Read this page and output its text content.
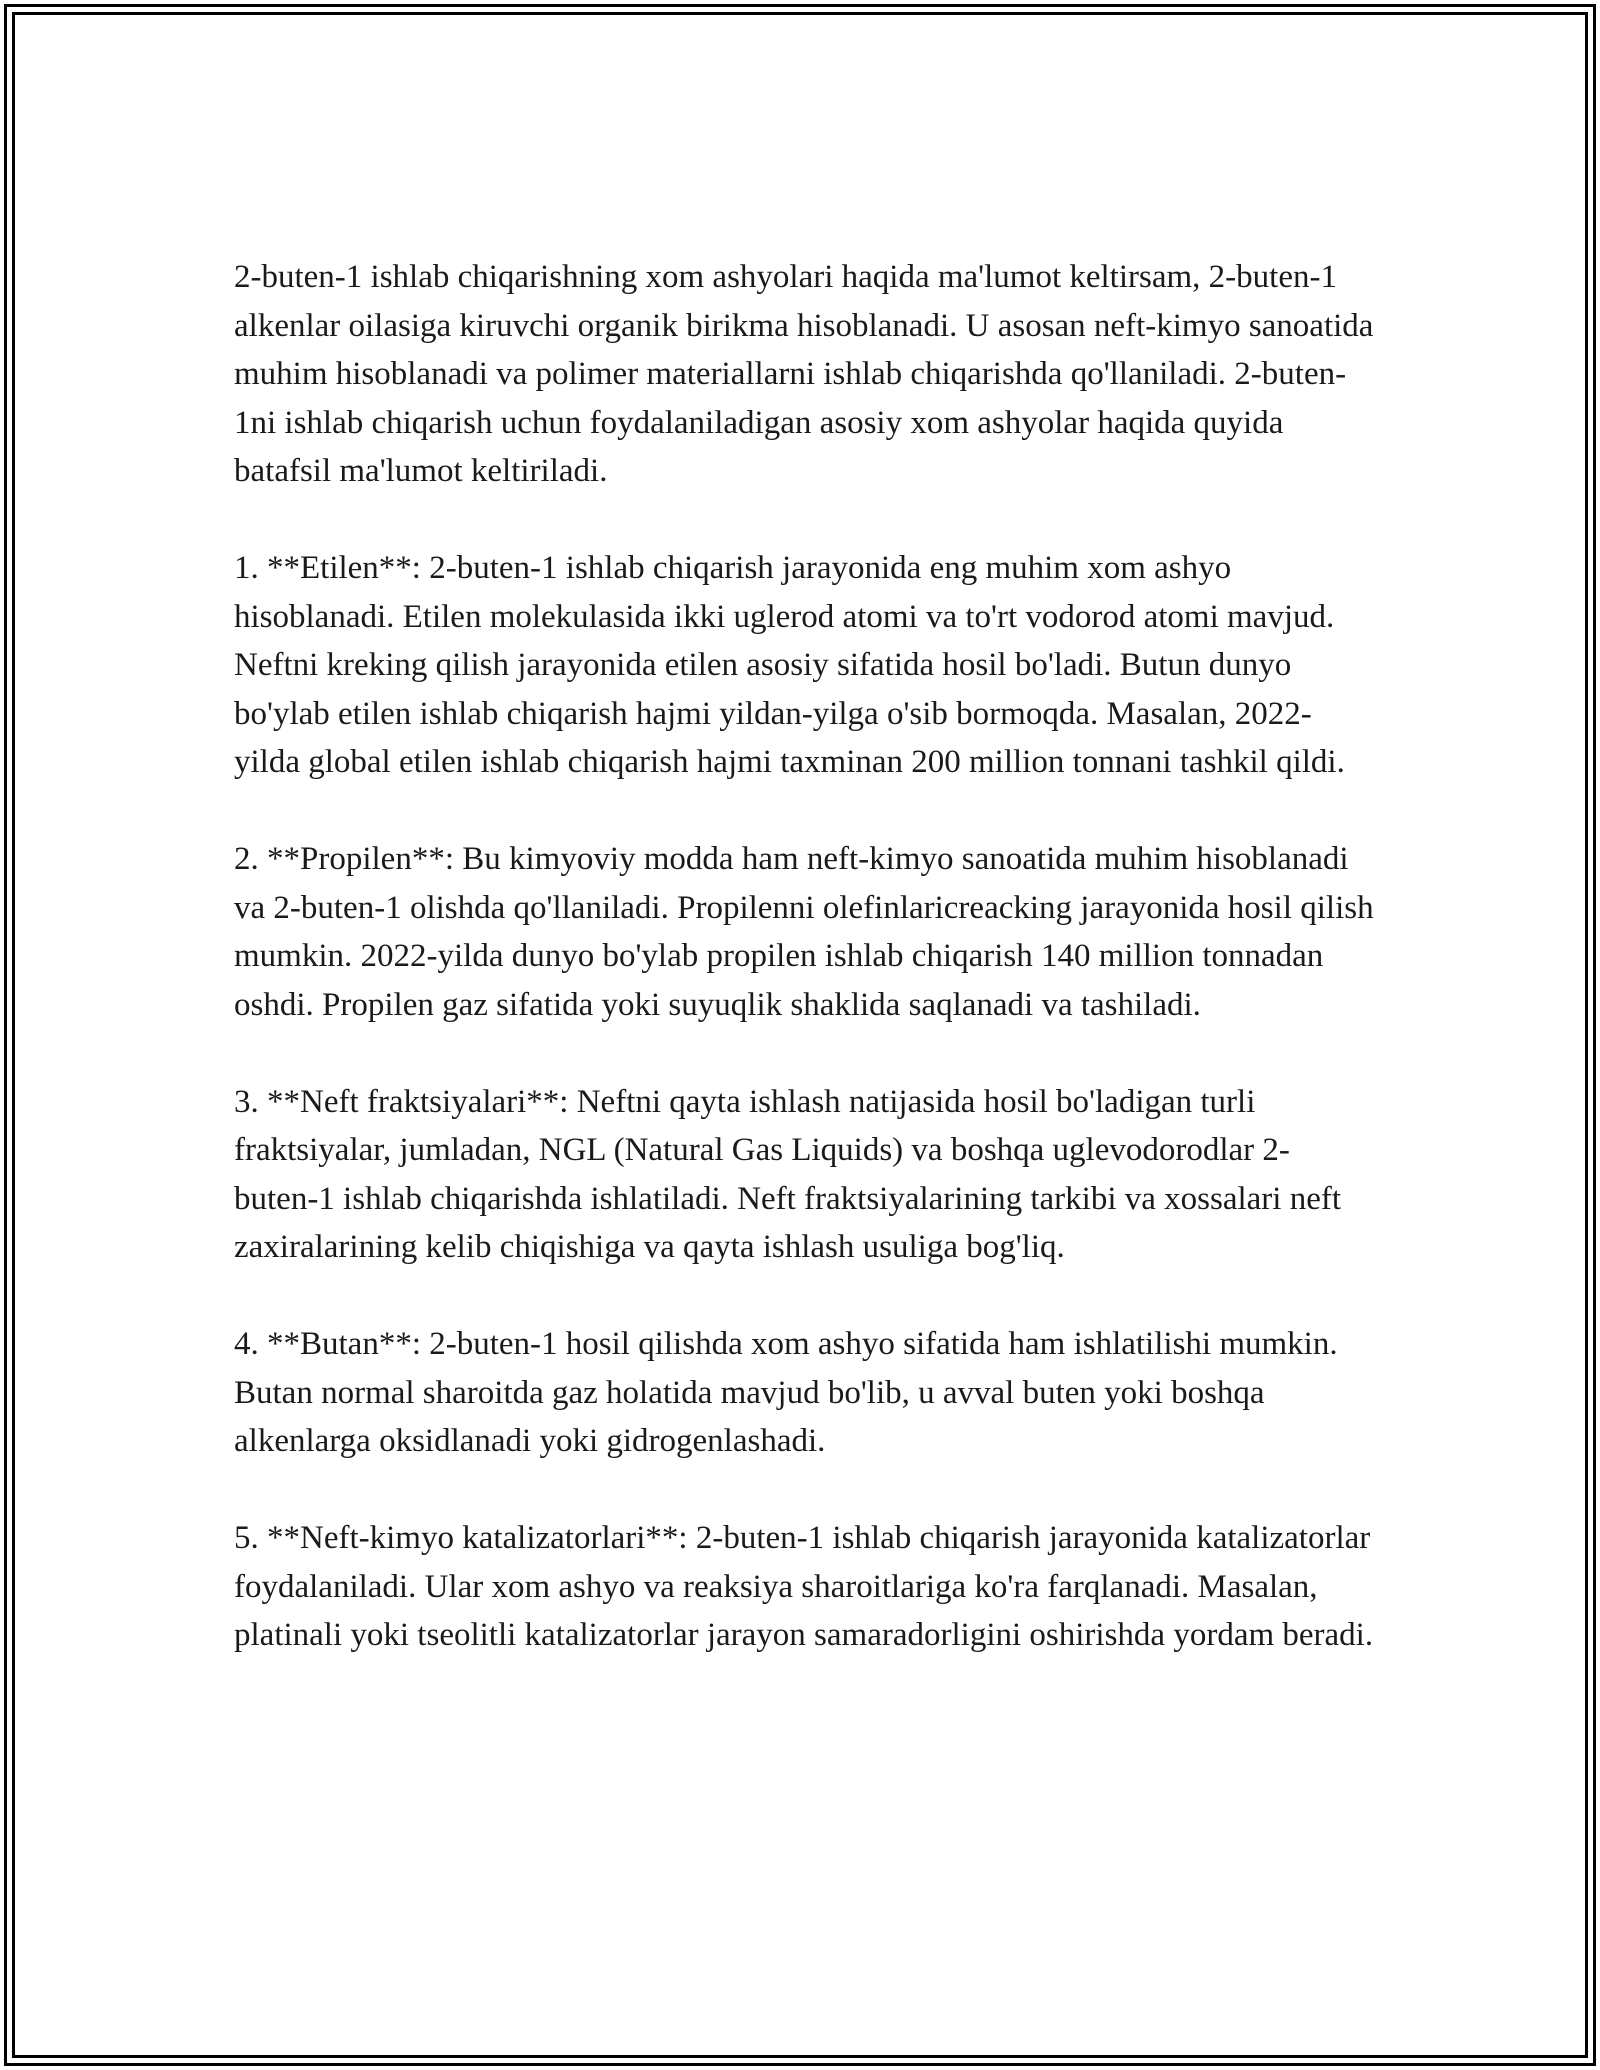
2-buten-1 ishlab chiqarishning xom ashyolari haqida ma'lumot keltirsam, 2-buten-1 alkenlar oilasiga kiruvchi organik birikma hisoblanadi. U asosan neft-kimyo sanoatida muhim hisoblanadi va polimer materiallarni ishlab chiqarishda qo'llaniladi. 2-buten-1ni ishlab chiqarish uchun foydalaniladigan asosiy xom ashyolar haqida quyida batafsil ma'lumot keltiriladi.

1. **Etilen**: 2-buten-1 ishlab chiqarish jarayonida eng muhim xom ashyo hisoblanadi. Etilen molekulasida ikki uglerod atomi va to'rt vodorod atomi mavjud. Neftni kreking qilish jarayonida etilen asosiy sifatida hosil bo'ladi. Butun dunyo bo'ylab etilen ishlab chiqarish hajmi yildan-yilga o'sib bormoqda. Masalan, 2022-yilda global etilen ishlab chiqarish hajmi taxminan 200 million tonnani tashkil qildi.

2. **Propilen**: Bu kimyoviy modda ham neft-kimyo sanoatida muhim hisoblanadi va 2-buten-1 olishda qo'llaniladi. Propilenni olefinlaricreacking jarayonida hosil qilish mumkin. 2022-yilda dunyo bo'ylab propilen ishlab chiqarish 140 million tonnadan oshdi. Propilen gaz sifatida yoki suyuqlik shaklida saqlanadi va tashiladi.

3. **Neft fraktsiyalari**: Neftni qayta ishlash natijasida hosil bo'ladigan turli fraktsiyalar, jumladan, NGL (Natural Gas Liquids) va boshqa uglevodorodlar 2-buten-1 ishlab chiqarishda ishlatiladi. Neft fraktsiyalarining tarkibi va xossalari neft zaxiralarining kelib chiqishiga va qayta ishlash usuliga bog'liq.

4. **Butan**: 2-buten-1 hosil qilishda xom ashyo sifatida ham ishlatilishi mumkin. Butan normal sharoitda gaz holatida mavjud bo'lib, u avval buten yoki boshqa alkenlarga oksidlanadi yoki gidrogenlashadi.

5. **Neft-kimyo katalizatorlari**: 2-buten-1 ishlab chiqarish jarayonida katalizatorlar foydalaniladi. Ular xom ashyo va reaksiya sharoitlariga ko'ra farqlanadi. Masalan, platinali yoki tseolitli katalizatorlar jarayon samaradorligini oshirishda yordam beradi.
